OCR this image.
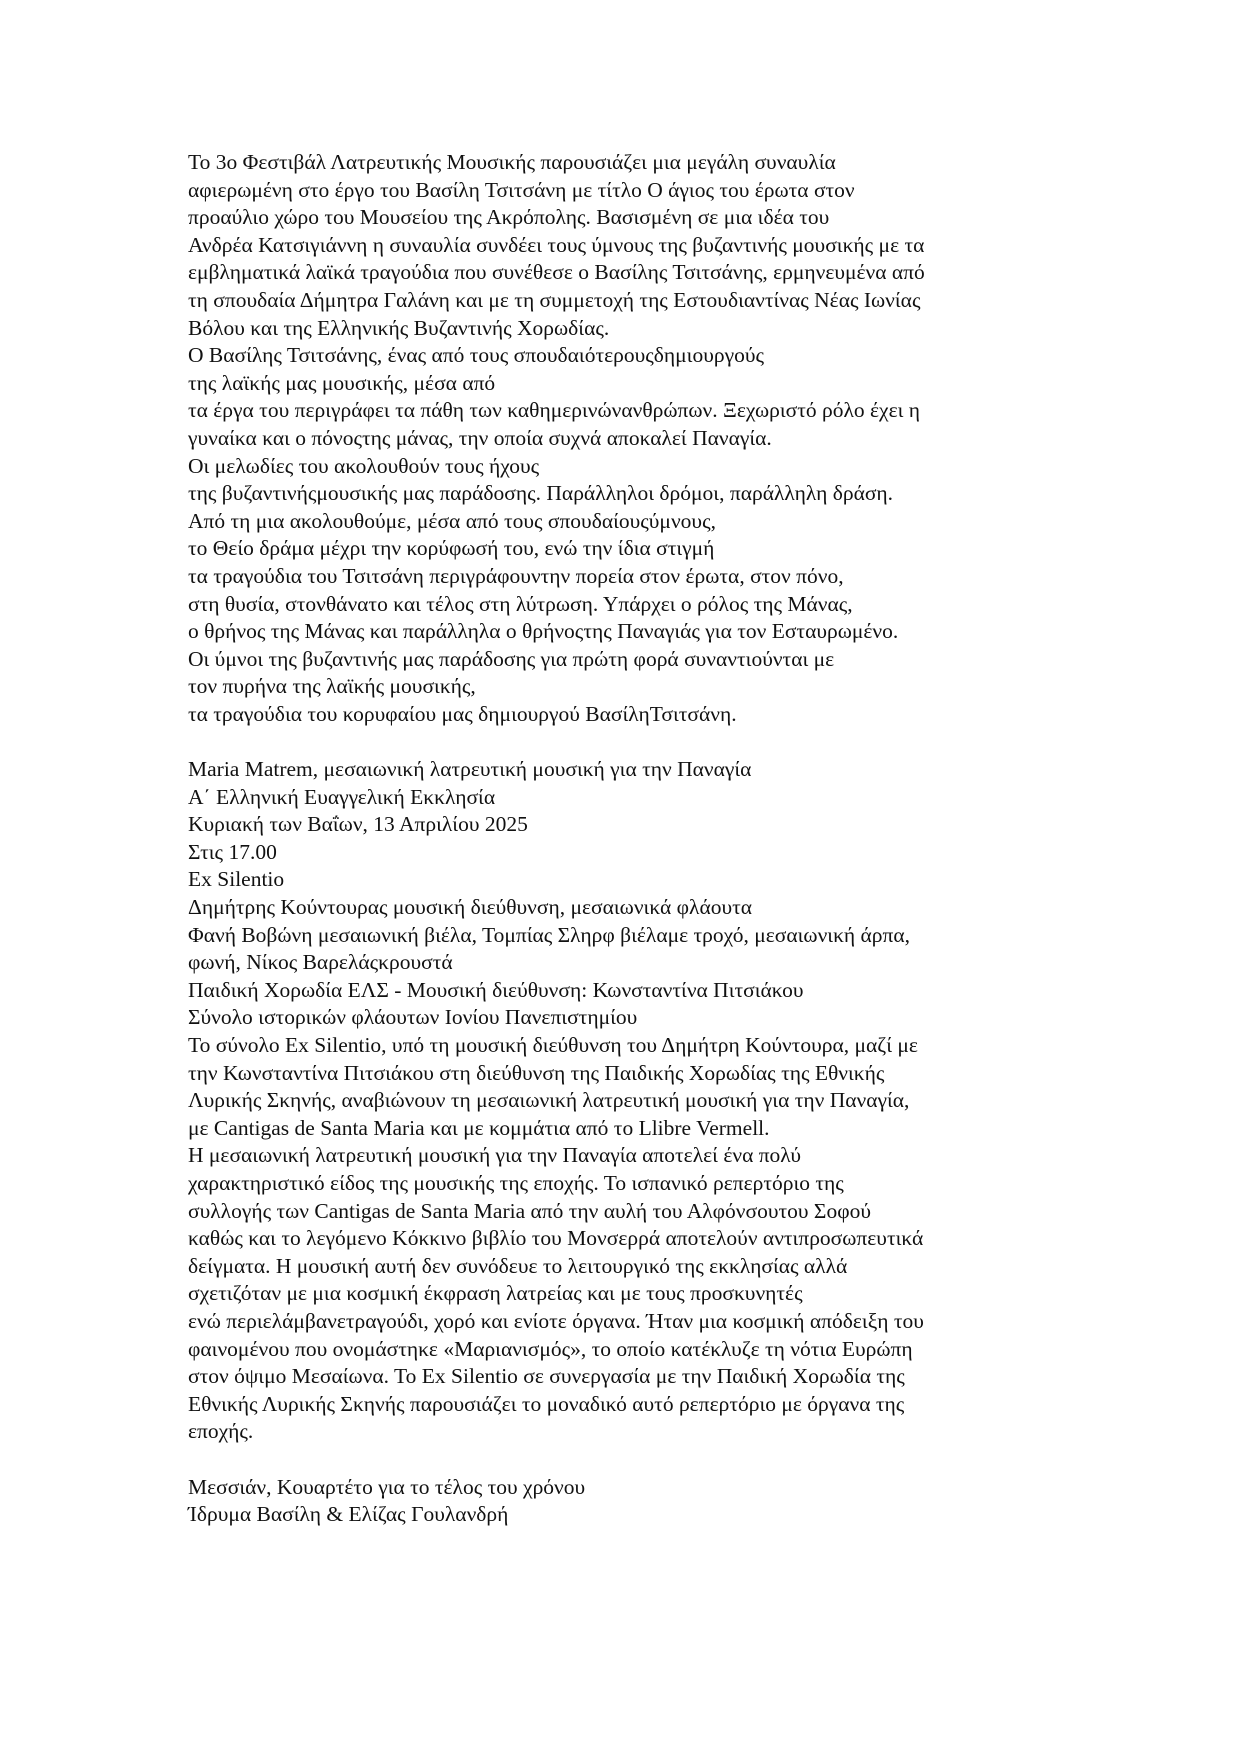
Το 3ο Φεστιβάλ Λατρευτικής Μουσικής παρουσιάζει μια μεγάλη συναυλία
αφιερωμένη στο έργο του Βασίλη Τσιτσάνη με τίτλο Ο άγιος του έρωτα στον
προαύλιο χώρο του Μουσείου της Ακρόπολης. Βασισμένη σε μια ιδέα του
Ανδρέα Κατσιγιάννη η συναυλία συνδέει τους ύμνους της βυζαντινής μουσικής με τα
εμβληματικά λαϊκά τραγούδια που συνέθεσε ο Βασίλης Τσιτσάνης, ερμηνευμένα από
τη σπουδαία Δήμητρα Γαλάνη και με τη συμμετοχή της Εστουδιαντίνας Νέας Ιωνίας
Βόλου και της Ελληνικής Βυζαντινής Χορωδίας.
Ο Βασίλης Τσιτσάνης, ένας από τους σπουδαιότερουςδημιουργούς
της λαϊκής μας μουσικής, μέσα από
τα έργα του περιγράφει τα πάθη των καθημερινώνανθρώπων. Ξεχωριστό ρόλο έχει η
γυναίκα και ο πόνοςτης μάνας, την οποία συχνά αποκαλεί Παναγία.
Οι μελωδίες του ακολουθούν τους ήχους
της βυζαντινήςμουσικής μας παράδοσης. Παράλληλοι δρόμοι, παράλληλη δράση.
Από τη μια ακολουθούμε, μέσα από τους σπουδαίουςύμνους,
το Θείο δράμα μέχρι την κορύφωσή του, ενώ την ίδια στιγμή
τα τραγούδια του Τσιτσάνη περιγράφουντην πορεία στον έρωτα, στον πόνο,
στη θυσία, στονθάνατο και τέλος στη λύτρωση. Υπάρχει ο ρόλος της Μάνας,
ο θρήνος της Μάνας και παράλληλα ο θρήνοςτης Παναγιάς για τον Εσταυρωμένο.
Οι ύμνοι της βυζαντινής μας παράδοσης για πρώτη φορά συναντιούνται με
τον πυρήνα της λαϊκής μουσικής,
τα τραγούδια του κορυφαίου μας δημιουργού ΒασίληΤσιτσάνη.
Maria Matrem, μεσαιωνική λατρευτική μουσική για την Παναγία
Α΄ Ελληνική Ευαγγελική Εκκλησία
Κυριακή των Βαΐων, 13 Απριλίου 2025
Στις 17.00
Ex Silentio
Δημήτρης Κούντουρας μουσική διεύθυνση, μεσαιωνικά φλάουτα
Φανή Βοβώνη μεσαιωνική βιέλα, Τομπίας Σληρφ βιέλαμε τροχό, μεσαιωνική άρπα,
φωνή, Νίκος Βαρελάςκρουστά
Παιδική Χορωδία ΕΛΣ - Μουσική διεύθυνση: Κωνσταντίνα Πιτσιάκου
Σύνολο ιστορικών φλάουτων Ιονίου Πανεπιστημίου
Το σύνολο Ex Silentio, υπό τη μουσική διεύθυνση του Δημήτρη Κούντουρα, μαζί με
την Κωνσταντίνα Πιτσιάκου στη διεύθυνση της Παιδικής Χορωδίας της Εθνικής
Λυρικής Σκηνής, αναβιώνουν τη μεσαιωνική λατρευτική μουσική για την Παναγία,
με Cantigas de Santa Maria και με κομμάτια από το Llibre Vermell.
Η μεσαιωνική λατρευτική μουσική για την Παναγία αποτελεί ένα πολύ
χαρακτηριστικό είδος της μουσικής της εποχής. Το ισπανικό ρεπερτόριο της
συλλογής των Cantigas de Santa Maria από την αυλή του Αλφόνσουτου Σοφού
καθώς και το λεγόμενο Κόκκινο βιβλίο του Μονσερρά αποτελούν αντιπροσωπευτικά
δείγματα. Η μουσική αυτή δεν συνόδευε το λειτουργικό της εκκλησίας αλλά
σχετιζόταν με μια κοσμική έκφραση λατρείας και με τους προσκυνητές
ενώ περιελάμβανετραγούδι, χορό και ενίοτε όργανα. Ήταν μια κοσμική απόδειξη του
φαινομένου που ονομάστηκε «Μαριανισμός», το οποίο κατέκλυζε τη νότια Ευρώπη
στον όψιμο Μεσαίωνα. Το Ex Silentio σε συνεργασία με την Παιδική Χορωδία της
Εθνικής Λυρικής Σκηνής παρουσιάζει το μοναδικό αυτό ρεπερτόριο με όργανα της
εποχής.
Μεσσιάν, Κουαρτέτο για το τέλος του χρόνου
Ίδρυμα Βασίλη & Ελίζας Γουλανδρή
